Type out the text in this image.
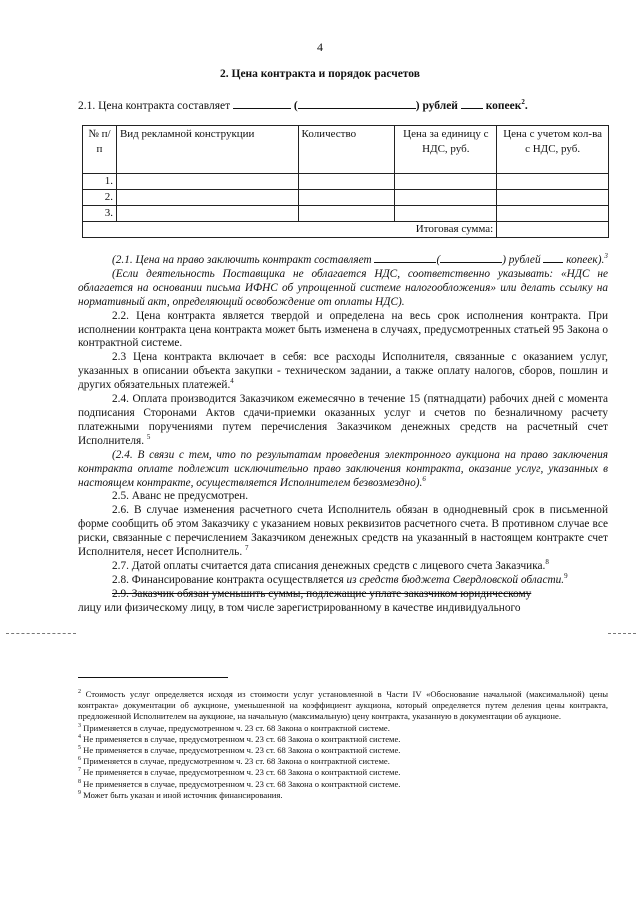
4
2. Цена контракта и порядок расчетов
2.1. Цена контракта составляет	(	) рублей копеек$^2$.
№ п/п	Вид рекламной конструкции	Количество	Цена за единицу с НДС, руб.	Цена с учетом кол-ва с НДС, руб.
1.				
2.				
3.				
Итоговая сумма:				

(2.1. Цена на право заключить контракт составляет	(	) рублей копеек).$^3$

(Если деятельность Поставщика не облагается НДС, соответственно указывать: «НДС не облагается на основании письма ИФНС об упрощенной системе налогообложения» или делать ссылку на нормативный акт, определяющий освобождение от оплаты НДС).

2.2. Цена контракта является твердой и определена на весь срок исполнения контракта. При исполнении контракта цена контракта может быть изменена в случаях, предусмотренных статьей 95 Закона о контрактной системе.

2.3 Цена контракта включает в себя: все расходы Исполнителя, связанные с оказанием услуг, указанных в описании объекта закупки - техническом задании, а также оплату налогов, сборов, пошлин и других обязательных платежей.$^4$

2.4. Оплата производится Заказчиком ежемесячно в течение 15 (пятнадцати) рабочих дней с момента подписания Сторонами Актов сдачи-приемки оказанных услуг и счетов по безналичному расчету платежными поручениями путем перечисления Заказчиком денежных средств на расчетный счет Исполнителя. $^5$

(2.4. В связи с тем, что по результатам проведения электронного аукциона на право заключения контракта оплате подлежит исключительно право заключения контракта, оказание услуг, указанных в настоящем контракте, осуществляется Исполнителем безвозмездно).$^6$

2.5. Аванс не предусмотрен.

2.6. В случае изменения расчетного счета Исполнитель обязан в однодневный срок в письменной форме сообщить об этом Заказчику с указанием новых реквизитов расчетного счета. В противном случае все риски, связанные с перечислением Заказчиком денежных средств на указанный в настоящем контракте счет Исполнителя, несет Исполнитель. $^7$

2.7. Датой оплаты считается дата списания денежных средств с лицевого счета Заказчика.$^8$

2.8. Финансирование контракта осуществляется из средств бюджета Свердловской области.$^9$

2.9. Заказчик обязан уменьшить суммы, подлежащие уплате заказчиком юридическому

лицу или физическому лицу, в том числе зарегистрированному в качестве индивидуального

$^2$ Стоимость услуг определяется исходя из стоимости услуг установленной в Части IV «Обоснование начальной (максимальной) цены контракта» документации об аукционе, уменьшенной на коэффициент аукциона, который определяется путем деления цены контракта, предложенной Исполнителем на аукционе, на начальную (максимальную) цену контракта, указанную в документации об аукционе.

$^3$ Применяется в случае, предусмотренном ч. 23 ст. 68 Закона о контрактной системе.

$^4$ Не применяется в случае, предусмотренном ч. 23 ст. 68 Закона о контрактной системе.

$^5$ Не применяется в случае, предусмотренном ч. 23 ст. 68 Закона о контрактной системе.

$^6$ Применяется в случае, предусмотренном ч. 23 ст. 68 Закона о контрактной системе.

$^7$ Не применяется в случае, предусмотренном ч. 23 ст. 68 Закона о контрактной системе.

$^8$ Не применяется в случае, предусмотренном ч. 23 ст. 68 Закона о контрактной системе.

$^9$ Может быть указан и иной источник финансирования.
